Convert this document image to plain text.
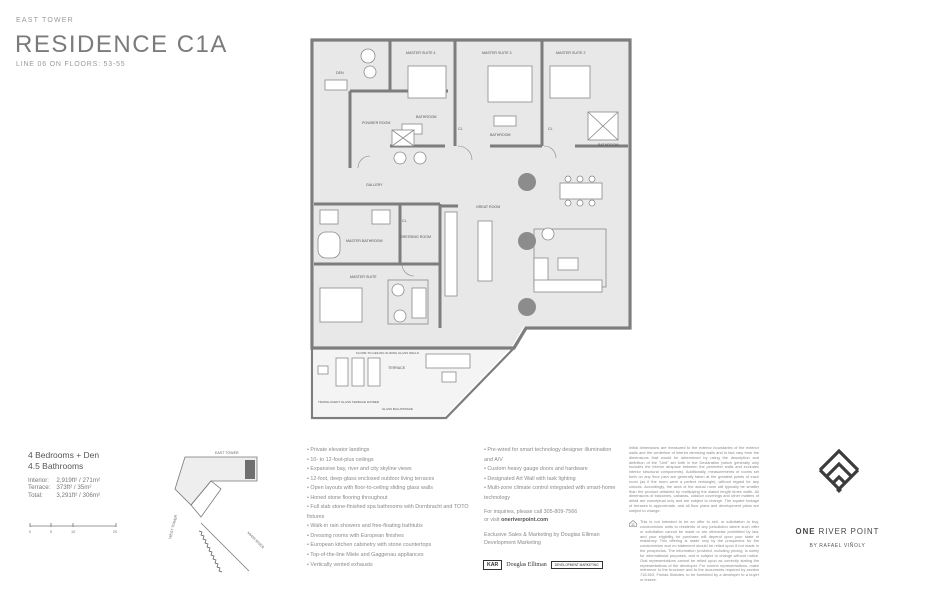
EAST TOWER
RESIDENCE C1A
LINE 06 ON FLOORS: 53-55
DEN
MASTER SUITE 4	MASTER SUITE 3	MASTER SUITE 2
POWDER ROOM
BATHROOM
BATHROOM
BATHROOM
GALLERY
GREAT ROOM
MASTER BATHROOM
DRESSING ROOM
MASTER SUITE
TERRACE
CL	CL
CL
FLOOR-TO-CEILING SLIDING GLASS WALLS
TRANSLUCENT GLASS TERRACE DIVIDER
GLASS BALUSTRADE
4 Bedrooms + Den
4.5 Bathrooms
Interior:	2,919ft² / 271m²
Terrace:	373ft² / 35m²
Total:	3,291ft² / 306m²
0	5	10	20
EAST TOWER
WEST TOWER
MIAMI RIVER
• Private elevator landings
• 10- to 12-foot-plus ceilings
• Expansive bay, river and city skyline views
• 12-foot, deep-glass enclosed outdoor living terraces
• Open layouts with floor-to-ceiling sliding glass walls
• Honed stone flooring throughout
• Full slab stone-finished spa bathrooms with Dornbracht and TOTO fixtures
• Walk-in rain showers and free-floating bathtubs
• Dressing rooms with European finishes
• European kitchen cabinetry with stone countertops
• Top-of-the-line Miele and Gaggenau appliances
• Vertically vented exhausts
• Pre-wired for smart technology designer illumination and A/V
• Custom heavy gauge doors and hardware
• Designated Art Wall with task lighting
• Multi-zone climate control integrated with smart-home technology
For inquiries, please call 305-809-7566
or visit oneriverpoint.com
Exclusive Sales & Marketing by Douglas Elliman Development Marketing
KAR	Douglas Elliman	DEVELOPMENT MARKETING
Initial dimensions are measured to the exterior boundaries of the exterior walls and the centerline of interior demising walls and in fact vary from the dimensions that would be determined by using the description and definition of the "Unit" set forth in the Declaration (which generally only includes the interior airspace between the perimeter walls and excludes interior structural components). Additionally, measurements of rooms set forth on any floor plan are generally taken at the greatest points of each room (as if the room were a perfect rectangle), without regard for any cutouts. Accordingly, the area of the actual room will typically be smaller than the product obtained by multiplying the stated length times width. All dimensions of balconies, cabanas, outdoor coverings and other matters of detail are conceptual only and are subject to change. The square footage of terraces is approximate, and all floor plans and development plans are subject to change.
This is not intended to be an offer to sell, or solicitation to buy, condominium units to residents of any jurisdiction where such offer or solicitation cannot be made or are otherwise prohibited by law, and your eligibility for purchase will depend upon your state of residency. This offering is made only by the prospectus for the condominium and no statement should be relied upon if not made in the prospectus. The information provided, including pricing, is solely for informational purposes, and is subject to change without notice. Oral representations cannot be relied upon as correctly stating the representations of the developer. For correct representations, make reference to the brochure and to the documents required by section 718.503, Florida Statutes, to be furnished by a developer to a buyer or lessee.
ONE RIVER POINT
BY RAFAEL VIÑOLY
